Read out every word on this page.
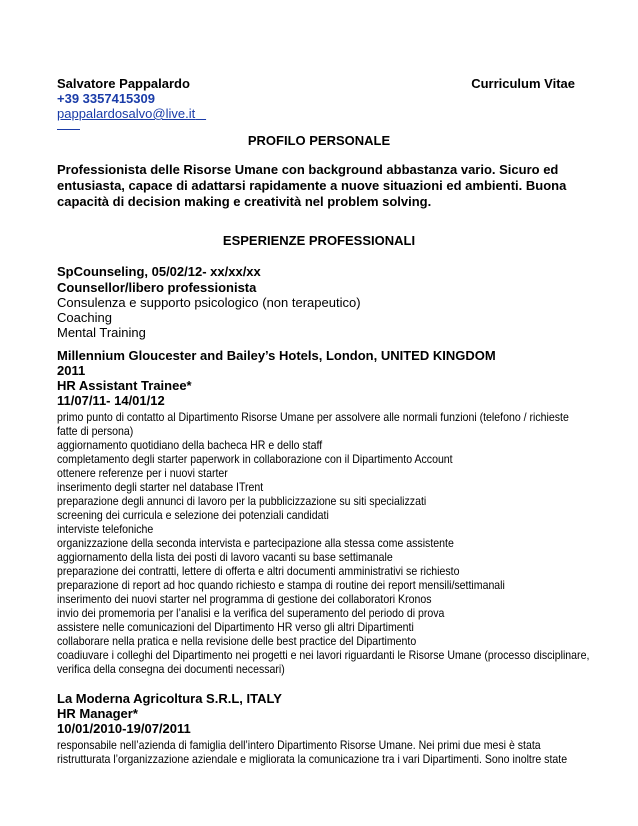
Salvatore Pappalardo	Curriculum Vitae
+39 3357415309
pappalardosalvo@live.it
PROFILO PERSONALE
Professionista delle Risorse Umane con background abbastanza vario. Sicuro ed
entusiasta, capace di adattarsi rapidamente a nuove situazioni ed ambienti. Buona
capacità di decision making e creatività nel problem solving.
ESPERIENZE PROFESSIONALI
SpCounseling, 05/02/12- xx/xx/xx
Counsellor/libero professionista
Consulenza e supporto psicologico (non terapeutico)
Coaching
Mental Training
Millennium Gloucester and Bailey’s Hotels, London, UNITED KINGDOM
2011
HR Assistant Trainee*
11/07/11- 14/01/12
primo punto di contatto al Dipartimento Risorse Umane per assolvere alle normali funzioni (telefono / richieste
fatte di persona)
aggiornamento quotidiano della bacheca HR e dello staff
completamento degli starter paperwork in collaborazione con il Dipartimento Account
ottenere referenze per i nuovi starter
inserimento degli starter nel database ITrent
preparazione degli annunci di lavoro per la pubblicizzazione su siti specializzati
screening dei curricula e selezione dei potenziali candidati
interviste telefoniche
organizzazione della seconda intervista e partecipazione alla stessa come assistente
aggiornamento della lista dei posti di lavoro vacanti su base settimanale
preparazione dei contratti, lettere di offerta e altri documenti amministrativi se richiesto
preparazione di report ad hoc quando richiesto e stampa di routine dei report mensili/settimanali
inserimento dei nuovi starter nel programma di gestione dei collaboratori Kronos
invio dei promemoria per l’analisi e la verifica del superamento del periodo di prova
assistere nelle comunicazioni del Dipartimento HR verso gli altri Dipartimenti
collaborare nella pratica e nella revisione delle best practice del Dipartimento
coadiuvare i colleghi del Dipartimento nei progetti e nei lavori riguardanti le Risorse Umane (processo disciplinare,
verifica della consegna dei documenti necessari)
La Moderna Agricoltura S.R.L, ITALY
HR Manager*
10/01/2010-19/07/2011
responsabile nell’azienda di famiglia dell’intero Dipartimento Risorse Umane. Nei primi due mesi è stata
ristrutturata l’organizzazione aziendale e migliorata la comunicazione tra i vari Dipartimenti. Sono inoltre state
